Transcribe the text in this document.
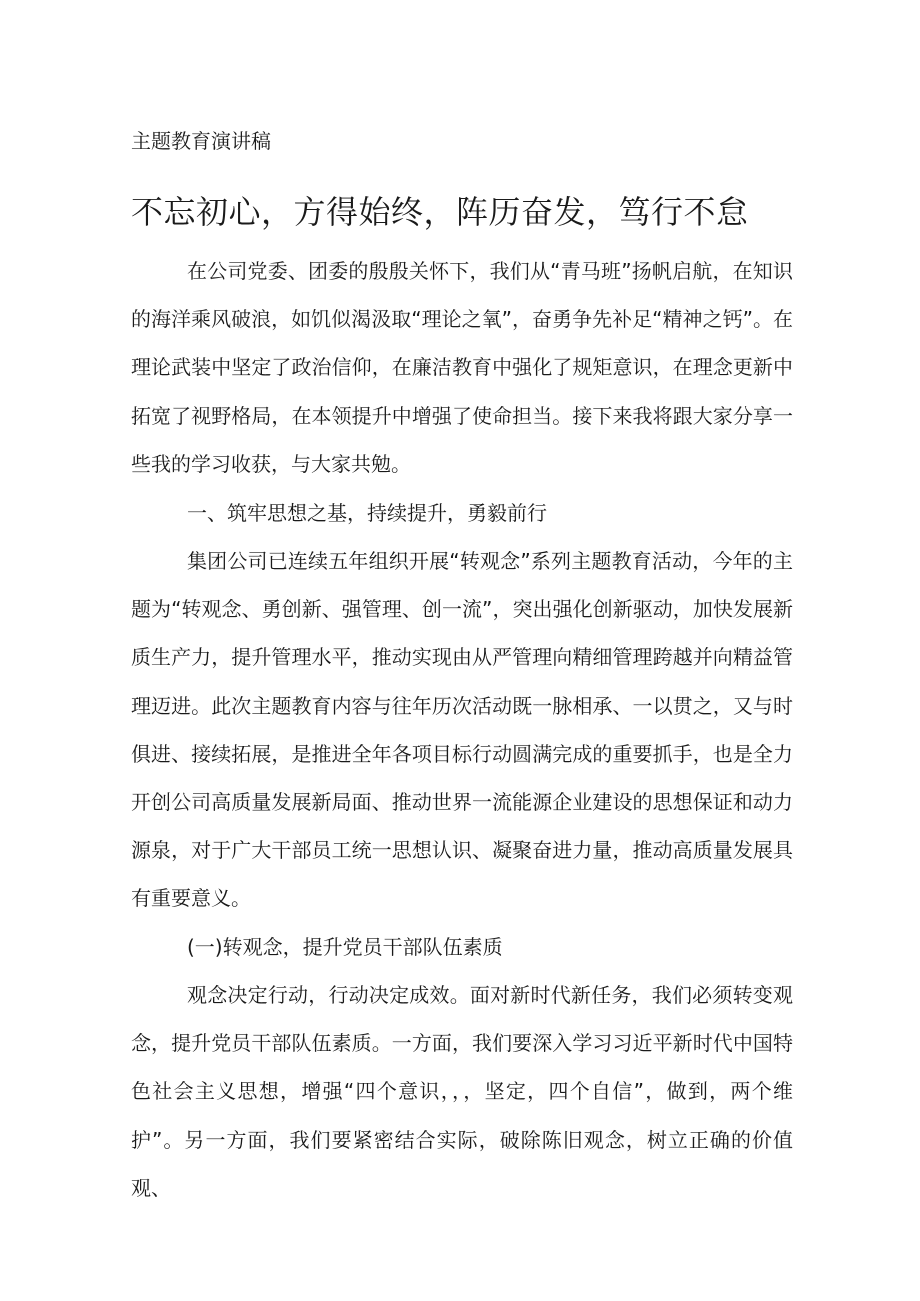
主题教育演讲稿
不忘初心，方得始终，阵历奋发，笃行不怠

在公司党委、团委的殷殷关怀下，我们从“青马班”扬帆启航，在知识的海洋乘风破浪，如饥似渴汲取“理论之氧”，奋勇争先补足“精神之钙”。在理论武装中坚定了政治信仰，在廉洁教育中强化了规矩意识，在理念更新中拓宽了视野格局，在本领提升中增强了使命担当。接下来我将跟大家分享一些我的学习收获，与大家共勉。

一、筑牢思想之基，持续提升，勇毅前行

集团公司已连续五年组织开展“转观念”系列主题教育活动，今年的主题为“转观念、勇创新、强管理、创一流”，突出强化创新驱动，加快发展新质生产力，提升管理水平，推动实现由从严管理向精细管理跨越并向精益管理迈进。此次主题教育内容与往年历次活动既一脉相承、一以贯之，又与时俱进、接续拓展，是推进全年各项目标行动圆满完成的重要抓手，也是全力开创公司高质量发展新局面、推动世界一流能源企业建设的思想保证和动力源泉，对于广大干部员工统一思想认识、凝聚奋进力量，推动高质量发展具有重要意义。

(一)转观念，提升党员干部队伍素质

观念决定行动，行动决定成效。面对新时代新任务，我们必须转变观念，提升党员干部队伍素质。一方面，我们要深入学习习近平新时代中国特色社会主义思想，增强“四个意识，，，坚定，四个自信”，做到，两个维护”。另一方面，我们要紧密结合实际，破除陈旧观念，树立正确的价值观、
